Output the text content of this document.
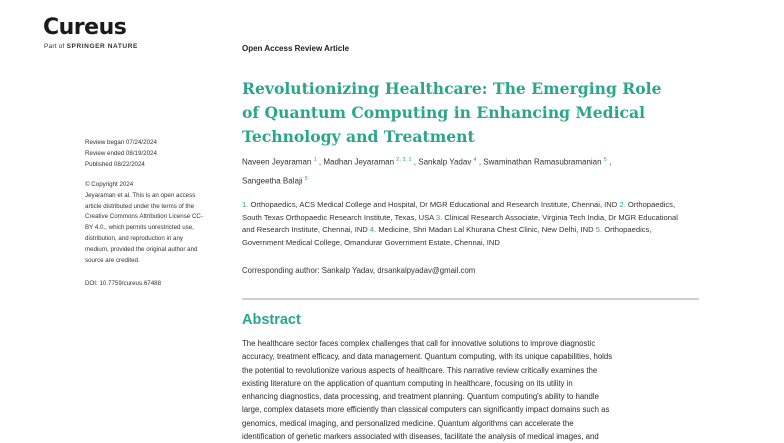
Cureus
Part of SPRINGER NATURE	Open Access Review Article
Revolutionizing Healthcare: The Emerging Role
of Quantum Computing in Enhancing Medical
Technology and Treatment
Review began 07/24/2024
Review ended 08/19/2024
Published 08/22/2024
© Copyright 2024
Jeyaraman et al. This is an open access
article distributed under the terms of the
Creative Commons Attribution License CC-
BY 4.0., which permits unrestricted use,
distribution, and reproduction in any
medium, provided the original author and
source are credited.
DOI: 10.7759/cureus.67488
Naveen Jeyaraman $^1$ , Madhan Jeyaraman $^{2, 3, 1}$ , Sankalp Yadav $^4$ , Swaminathan Ramasubramanian $^5$ ,
Sangeetha Balaji $^5$
1. Orthopaedics, ACS Medical College and Hospital, Dr MGR Educational and Research Institute, Chennai, IND 2. Orthopaedics, South Texas Orthopaedic Research Institute, Texas, USA 3. Clinical Research Associate, Virginia Tech India, Dr MGR Educational and Research Institute, Chennai, IND 4. Medicine, Shri Madan Lal Khurana Chest Clinic, New Delhi, IND 5. Orthopaedics, Government Medical College, Omandurar Government Estate, Chennai, IND
Corresponding author: Sankalp Yadav, drsankalpyadav@gmail.com
Abstract
The healthcare sector faces complex challenges that call for innovative solutions to improve diagnostic
accuracy, treatment efficacy, and data management. Quantum computing, with its unique capabilities, holds
the potential to revolutionize various aspects of healthcare. This narrative review critically examines the
existing literature on the application of quantum computing in healthcare, focusing on its utility in
enhancing diagnostics, data processing, and treatment planning. Quantum computing's ability to handle
large, complex datasets more efficiently than classical computers can significantly impact domains such as
genomics, medical imaging, and personalized medicine. Quantum algorithms can accelerate the
identification of genetic markers associated with diseases, facilitate the analysis of medical images, and
